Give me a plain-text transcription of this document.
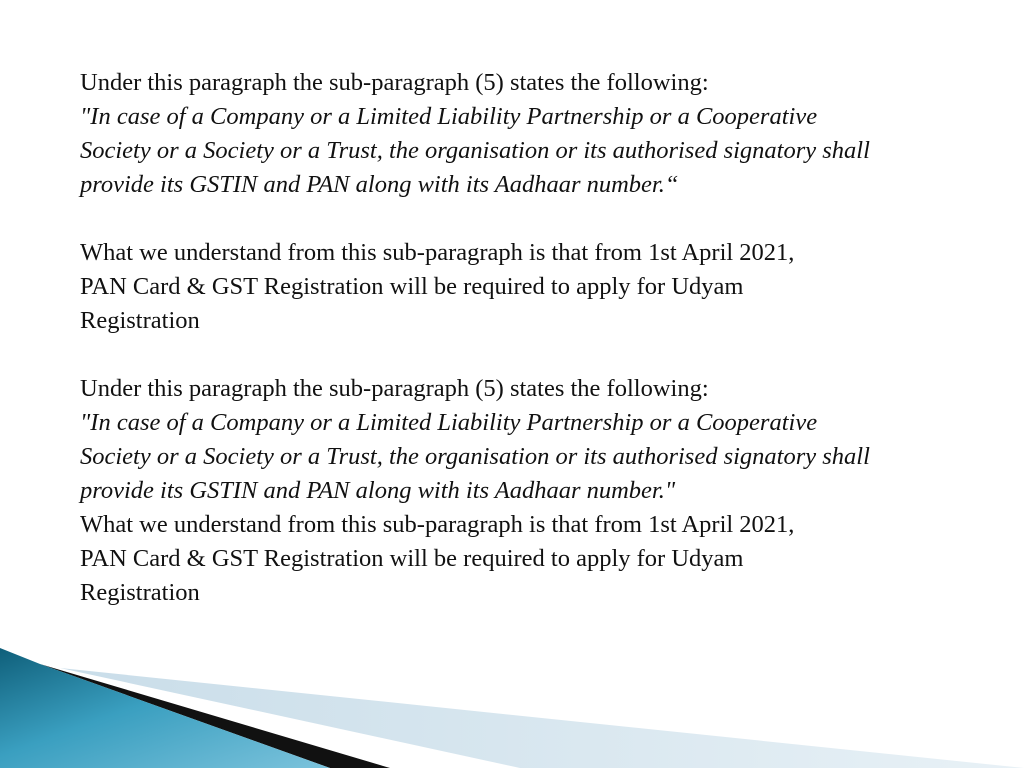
Under this paragraph the sub-paragraph (5) states the following:
"In case of a Company or a Limited Liability Partnership or a Cooperative
Society or a Society or a Trust, the organisation or its authorised signatory shall
provide its GSTIN and PAN along with its Aadhaar number.“
What we understand from this sub-paragraph is that from 1st April 2021,
PAN Card & GST Registration will be required to apply for Udyam
Registration
Under this paragraph the sub-paragraph (5) states the following:
"In case of a Company or a Limited Liability Partnership or a Cooperative
Society or a Society or a Trust, the organisation or its authorised signatory shall
provide its GSTIN and PAN along with its Aadhaar number."
What we understand from this sub-paragraph is that from 1st April 2021,
PAN Card & GST Registration will be required to apply for Udyam
Registration
